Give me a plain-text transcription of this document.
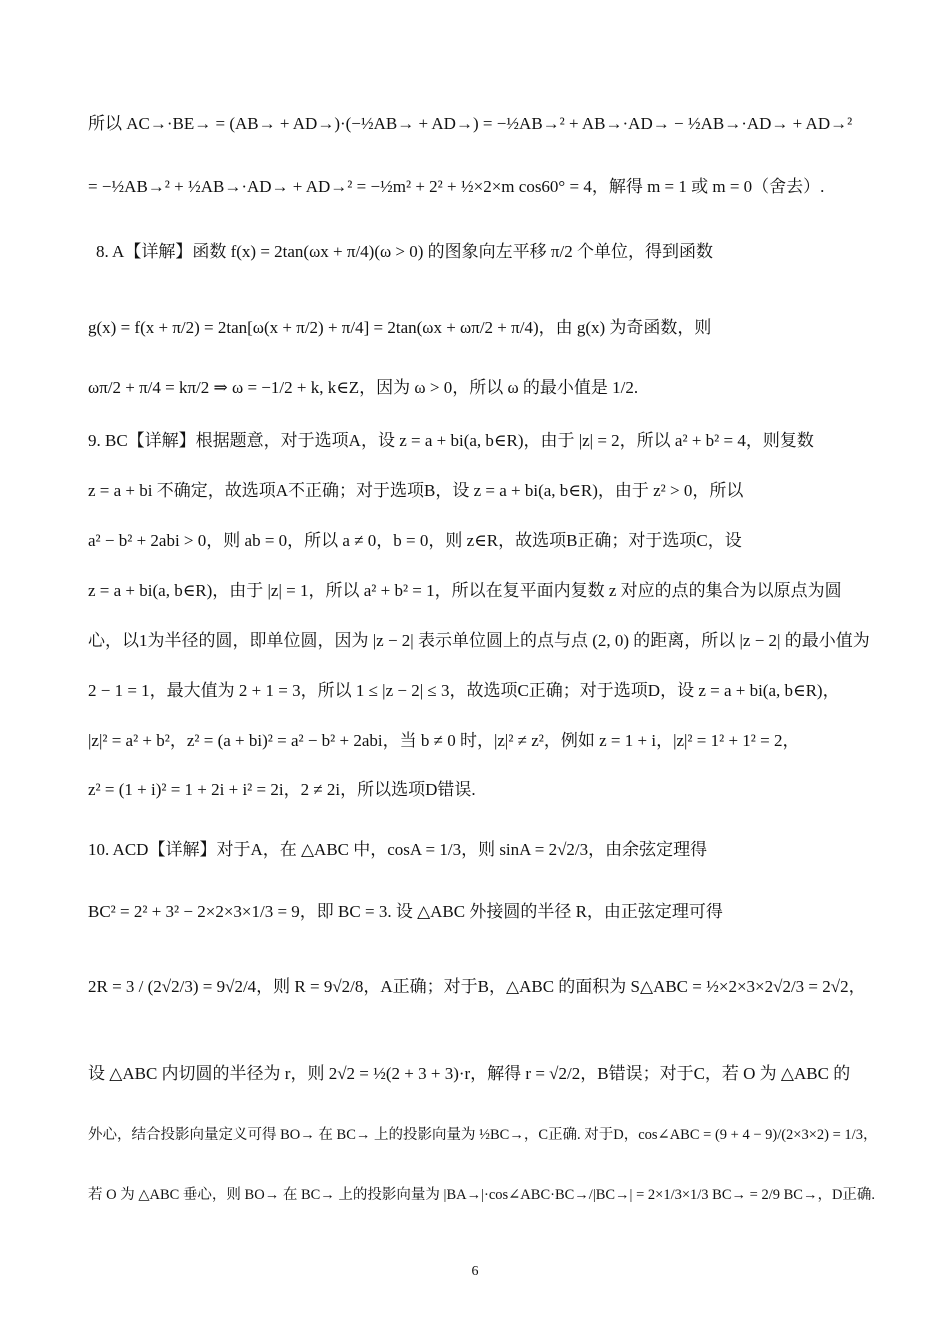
所以 AC→·BE→ = (AB→ + AD→)·(−½AB→ + AD→) = −½AB→² + AB→·AD→ − ½AB→·AD→ + AD→²
= −½AB→² + ½AB→·AD→ + AD→² = −½m² + 2² + ½×2×m cos60° = 4，解得 m = 1 或 m = 0（舍去）.
8. A【详解】函数 f(x) = 2tan(ωx + π/4)(ω > 0) 的图象向左平移 π/2 个单位，得到函数
g(x) = f(x + π/2) = 2tan[ω(x + π/2) + π/4] = 2tan(ωx + ωπ/2 + π/4)，由 g(x) 为奇函数，则
ωπ/2 + π/4 = kπ/2 ⇒ ω = −1/2 + k, k∈Z，因为 ω > 0，所以 ω 的最小值是 1/2.
9. BC【详解】根据题意，对于选项A，设 z = a + bi(a, b∈R)，由于 |z| = 2，所以 a² + b² = 4，则复数
z = a + bi 不确定，故选项A不正确；对于选项B，设 z = a + bi(a, b∈R)，由于 z² > 0，所以
a² − b² + 2abi > 0，则 ab = 0，所以 a ≠ 0，b = 0，则 z∈R，故选项B正确；对于选项C，设
z = a + bi(a, b∈R)，由于 |z| = 1，所以 a² + b² = 1，所以在复平面内复数 z 对应的点的集合为以原点为圆
心，以1为半径的圆，即单位圆，因为 |z − 2| 表示单位圆上的点与点 (2, 0) 的距离，所以 |z − 2| 的最小值为
2 − 1 = 1，最大值为 2 + 1 = 3，所以 1 ≤ |z − 2| ≤ 3，故选项C正确；对于选项D，设 z = a + bi(a, b∈R)，
|z|² = a² + b²，z² = (a + bi)² = a² − b² + 2abi，当 b ≠ 0 时，|z|² ≠ z²，例如 z = 1 + i，|z|² = 1² + 1² = 2，
z² = (1 + i)² = 1 + 2i + i² = 2i，2 ≠ 2i，所以选项D错误.
10. ACD【详解】对于A，在 △ABC 中，cosA = 1/3，则 sinA = 2√2/3，由余弦定理得
BC² = 2² + 3² − 2×2×3×1/3 = 9，即 BC = 3. 设 △ABC 外接圆的半径 R，由正弦定理可得
2R = 3 / (2√2/3) = 9√2/4，则 R = 9√2/8，A正确；对于B，△ABC 的面积为 S△ABC = ½×2×3×2√2/3 = 2√2，
设 △ABC 内切圆的半径为 r，则 2√2 = ½(2 + 3 + 3)·r，解得 r = √2/2，B错误；对于C，若 O 为 △ABC 的
外心，结合投影向量定义可得 BO→ 在 BC→ 上的投影向量为 ½BC→，C正确. 对于D，cos∠ABC = (9 + 4 − 9)/(2×3×2) = 1/3，
若 O 为 △ABC 垂心，则 BO→ 在 BC→ 上的投影向量为 |BA→|·cos∠ABC·BC→/|BC→| = 2×1/3×1/3 BC→ = 2/9 BC→，D正确.
6
